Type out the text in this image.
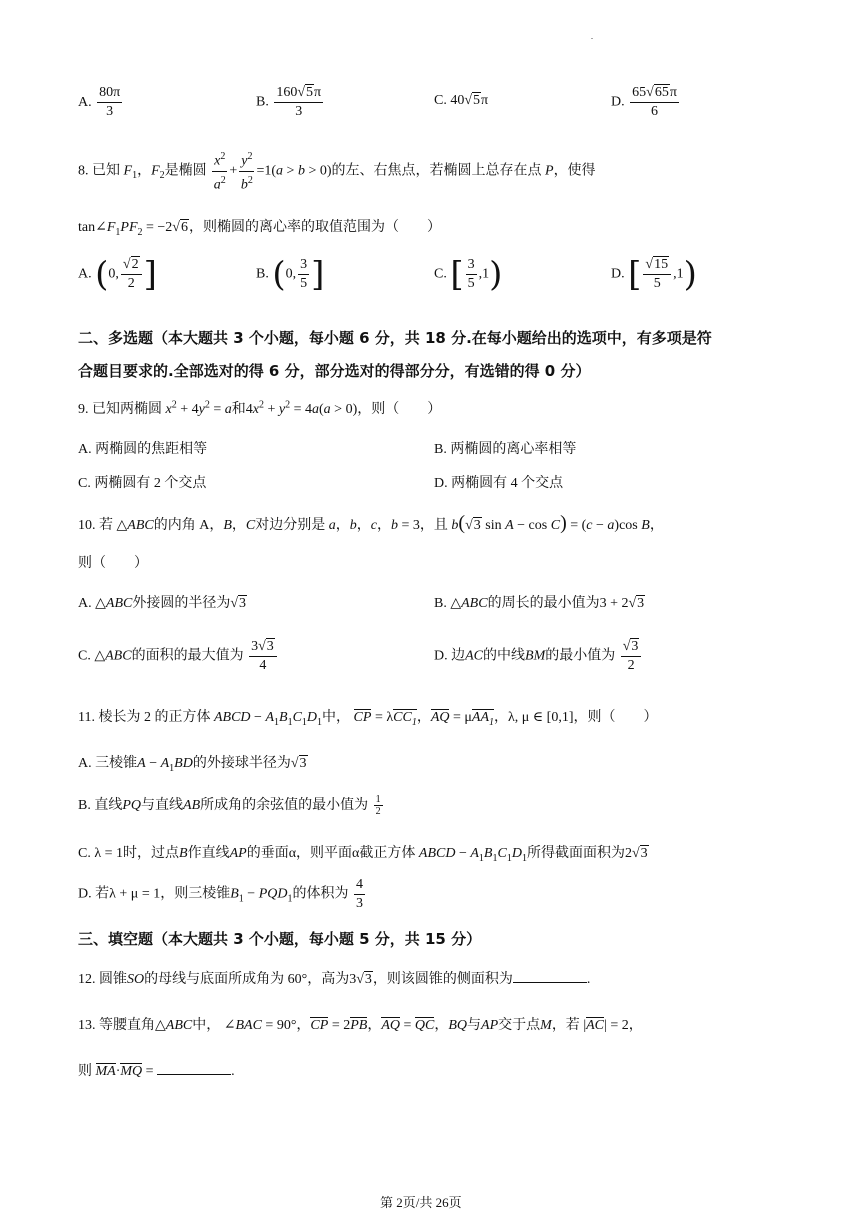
.
A. $\frac{80\pi}{3}$	B. $\frac{160√5\pi}{3}$	C. 40√5π	D. $\frac{65√65\pi}{6}$
8. 已知 $F_1$，$F_2$是椭圆 $\frac{x^2}{a^2} + \frac{y^2}{b^2} =1(a > b > 0)$的左、右焦点，若椭圆上总存在点 P，使得
$\tan\angle F_1PF_2 = -2√6$，则椭圆的离心率的取值范围为（　　）
A. (0, $\frac{√2}{2}$ ]	B. (0, $\frac{3}{5}$ ]	C. [ $\frac{3}{5} ,1$)	D. [ $\frac{√15}{5} ,1$)
二、多选题（本大题共 3 个小题，每小题 6 分，共 18 分.在每小题给出的选项中，有多项是符
合题目要求的.全部选对的得 6 分，部分选对的得部分分，有选错的得 0 分）
9. 已知两椭圆 $x^2 + 4y^2 = a$和$4x^2 + y^2 = 4a(a > 0)$，则（　　）
A. 两椭圆的焦距相等	B. 两椭圆的离心率相等
C. 两椭圆有 2 个交点	D. 两椭圆有 4 个交点
10. 若 △ABC的内角 A，B，C对边分别是 a，b，c，b = 3，且 b(√3 sin A − cos C) = (c − a)cos B，
则（　　）
A. △ABC外接圆的半径为√3	B. △ABC的周长的最小值为3 + 2√3
C. △ABC的面积的最大值为 $\frac{3√3}{4}$	D. 边AC的中线BM的最小值为 $\frac{√3}{2}$
11. 棱长为 2 的正方体 ABCD − $A_1B_1C_1D_1$中， CP = λCC$_1$，AQ = μAA$_1$，λ, μ ∈ [0,1]，则（　　）
A. 三棱锥$A - A_1BD$的外接球半径为√3
B. 直线PQ与直线AB所成角的余弦值的最小值为 $\frac{1}{2}$
C. λ = 1时，过点B作直线AP的垂面α，则平面α截正方体 ABCD − $A_1B_1C_1D_1$所得截面面积为2√3
D. 若λ + μ = 1，则三棱锥$B_1 - PQD_1$的体积为 $\frac{4}{3}$
三、填空题（本大题共 3 个小题，每小题 5 分，共 15 分）
12. 圆锥SO的母线与底面所成角为 60°，高为3√3，则该圆锥的侧面积为	.
13. 等腰直角△ABC中， ∠BAC = 90°，CP = 2PB，AQ = QC，BQ与AP交于点M，若 |AC| = 2，
则 MA·MQ =	.
第 2页/共 26页
